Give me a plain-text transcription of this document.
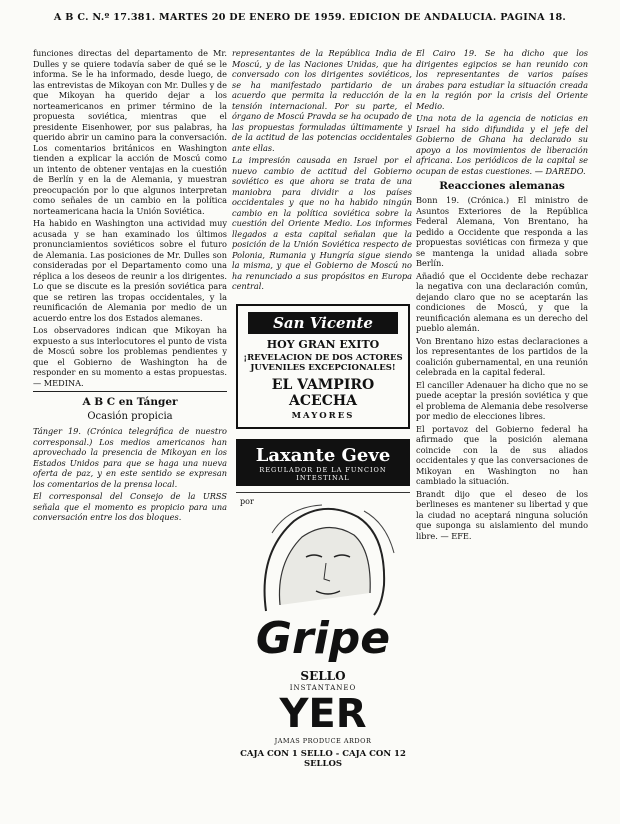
A B C. N.º 17.381. MARTES 20 DE ENERO DE 1959. EDICION DE ANDALUCIA. PAGINA 18.

funciones directas del departamento de Mr. Dulles y se quiere todavía saber de qué se le informa. Se le ha informado, desde luego, de las entrevistas de Mikoyan con Mr. Dulles y de que Mikoyan ha querido dejar a los norteamericanos en primer término de la propuesta soviética, mientras que el presidente Eisenhower, por sus palabras, ha querido abrir un camino para la conversación. Los comentarios británicos en Washington tienden a explicar la acción de Moscú como un intento de obtener ventajas en la cuestión de Berlín y en la de Alemania, y muestran preocupación por lo que algunos interpretan como señales de un cambio en la política norteamericana hacia la Unión Soviética.

Ha habido en Washington una actividad muy acusada y se han examinado los últimos pronunciamientos soviéticos sobre el futuro de Alemania. Las posiciones de Mr. Dulles son consideradas por el Departamento como una réplica a los deseos de reunir a los dirigentes. Lo que se discute es la presión soviética para que se retiren las tropas occidentales, y la reunificación de Alemania por medio de un acuerdo entre los dos Estados alemanes.

Los observadores indican que Mikoyan ha expuesto a sus interlocutores el punto de vista de Moscú sobre los problemas pendientes y que el Gobierno de Washington ha de responder en su momento a estas propuestas. — MEDINA.

A B C en Tánger
Ocasión propicia

Tánger 19. (Crónica telegráfica de nuestro corresponsal.) Los medios americanos han aprovechado la presencia de Mikoyan en los Estados Unidos para que se haga una nueva oferta de paz, y en este sentido se expresan los comentarios de la prensa local.

El corresponsal del Consejo de la URSS señala que el momento es propicio para una conversación entre los dos bloques.

representantes de la República India de Moscú, y de las Naciones Unidas, que ha conversado con los dirigentes soviéticos, se ha manifestado partidario de un acuerdo que permita la reducción de la tensión internacional. Por su parte, el órgano de Moscú Pravda se ha ocupado de las propuestas formuladas últimamente y de la actitud de las potencias occidentales ante ellas.

La impresión causada en Israel por el nuevo cambio de actitud del Gobierno soviético es que ahora se trata de una maniobra para dividir a los países occidentales y que no ha habido ningún cambio en la política soviética sobre la cuestión del Oriente Medio. Los informes llegados a esta capital señalan que la posición de la Unión Soviética respecto de Polonia, Rumania y Hungría sigue siendo la misma, y que el Gobierno de Moscú no ha renunciado a sus propósitos en Europa central.

San Vicente
HOY GRAN EXITO
¡REVELACION DE DOS ACTORES JUVENILES EXCEPCIONALES!
EL VAMPIRO ACECHA
MAYORES
Laxante Geve
REGULADOR DE LA FUNCION INTESTINAL
por
Gripe
SELLO
INSTANTANEO
YER
JAMAS PRODUCE ARDOR
CAJA CON 1 SELLO - CAJA CON 12 SELLOS

El Cairo 19. Se ha dicho que los dirigentes egipcios se han reunido con los representantes de varios países árabes para estudiar la situación creada en la región por la crisis del Oriente Medio.

Una nota de la agencia de noticias en Israel ha sido difundida y el jefe del Gobierno de Ghana ha declarado su apoyo a los movimientos de liberación africana. Los periódicos de la capital se ocupan de estas cuestiones. — DAREDO.

Reacciones alemanas

Bonn 19. (Crónica.) El ministro de Asuntos Exteriores de la República Federal Alemana, Von Brentano, ha pedido a Occidente que responda a las propuestas soviéticas con firmeza y que se mantenga la unidad aliada sobre Berlín.

Añadió que el Occidente debe rechazar la negativa con una declaración común, dejando claro que no se aceptarán las condiciones de Moscú, y que la reunificación alemana es un derecho del pueblo alemán.

Von Brentano hizo estas declaraciones a los representantes de los partidos de la coalición gubernamental, en una reunión celebrada en la capital federal.

El canciller Adenauer ha dicho que no se puede aceptar la presión soviética y que el problema de Alemania debe resolverse por medio de elecciones libres.

El portavoz del Gobierno federal ha afirmado que la posición alemana coincide con la de sus aliados occidentales y que las conversaciones de Mikoyan en Washington no han cambiado la situación.

Brandt dijo que el deseo de los berlineses es mantener su libertad y que la ciudad no aceptará ninguna solución que suponga su aislamiento del mundo libre. — EFE.
